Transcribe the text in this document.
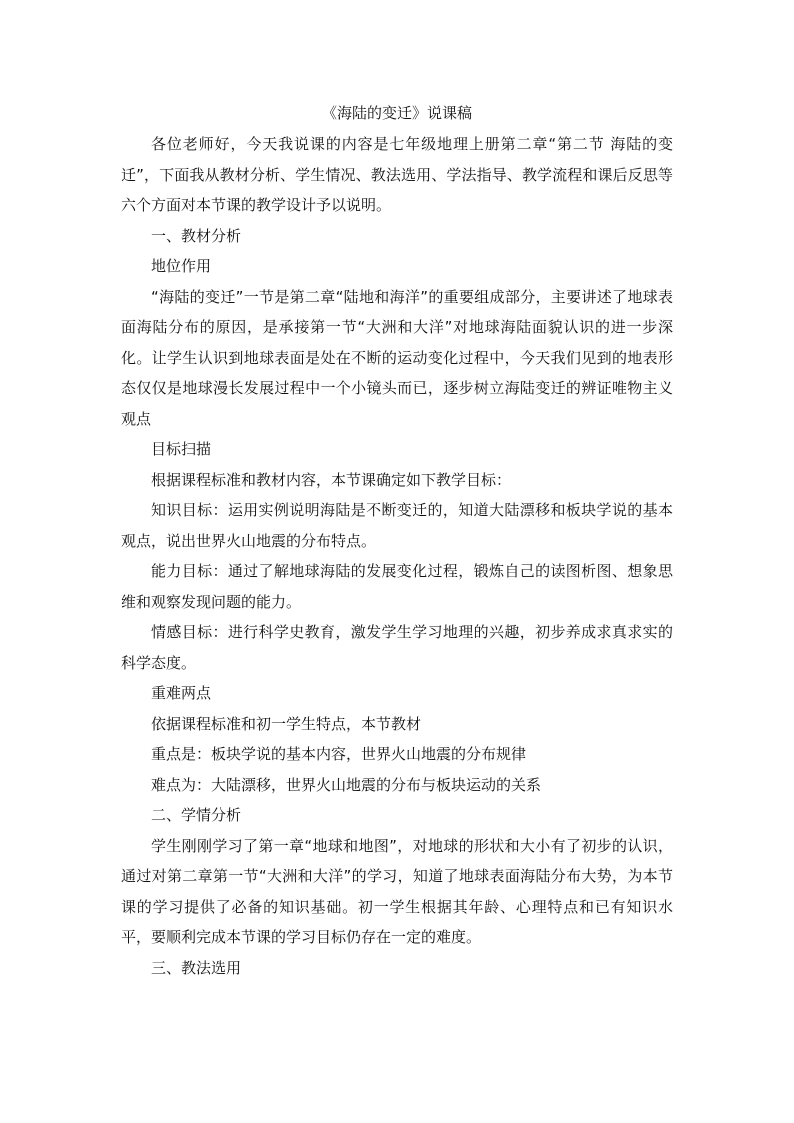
《海陆的变迁》说课稿

各位老师好，今天我说课的内容是七年级地理上册第二章“第二节 海陆的变迁”，下面我从教材分析、学生情况、教法选用、学法指导、教学流程和课后反思等六个方面对本节课的教学设计予以说明。

一、教材分析

地位作用

“海陆的变迁”一节是第二章“陆地和海洋”的重要组成部分，主要讲述了地球表面海陆分布的原因，是承接第一节“大洲和大洋”对地球海陆面貌认识的进一步深化。让学生认识到地球表面是处在不断的运动变化过程中，今天我们见到的地表形态仅仅是地球漫长发展过程中一个小镜头而已，逐步树立海陆变迁的辨证唯物主义观点

目标扫描

根据课程标准和教材内容，本节课确定如下教学目标：

知识目标：运用实例说明海陆是不断变迁的，知道大陆漂移和板块学说的基本观点，说出世界火山地震的分布特点。

能力目标：通过了解地球海陆的发展变化过程，锻炼自己的读图析图、想象思维和观察发现问题的能力。

情感目标：进行科学史教育，激发学生学习地理的兴趣，初步养成求真求实的科学态度。

重难两点

依据课程标准和初一学生特点，本节教材

重点是：板块学说的基本内容，世界火山地震的分布规律

难点为：大陆漂移，世界火山地震的分布与板块运动的关系

二、学情分析

学生刚刚学习了第一章“地球和地图”，对地球的形状和大小有了初步的认识，通过对第二章第一节“大洲和大洋”的学习，知道了地球表面海陆分布大势，为本节课的学习提供了必备的知识基础。初一学生根据其年龄、心理特点和已有知识水平，要顺利完成本节课的学习目标仍存在一定的难度。

三、教法选用
